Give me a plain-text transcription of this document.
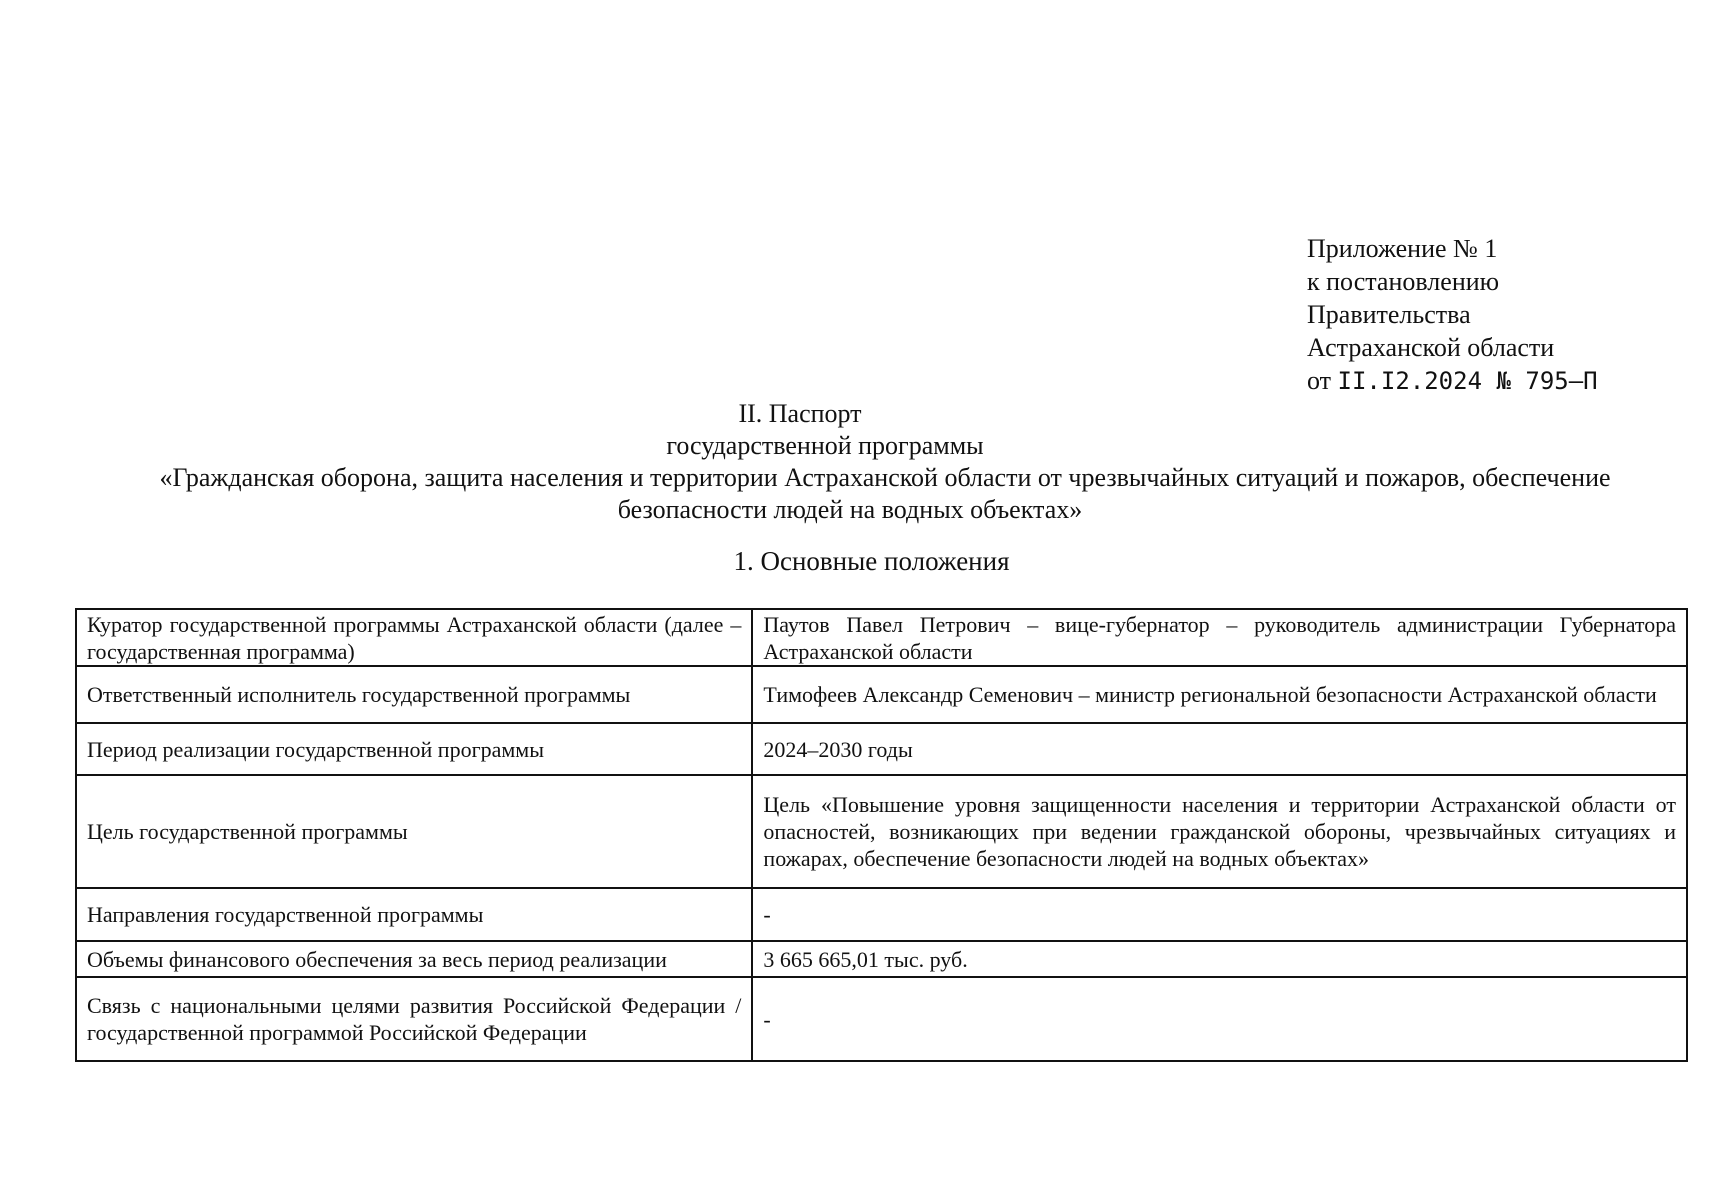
Приложение № 1
к постановлению
Правительства
Астраханской области
от II.I2.2024 № 795–П
II. Паспорт
государственной программы
«Гражданская оборона, защита населения и территории Астраханской области от чрезвычайных ситуаций и пожаров, обеспечение
безопасности людей на водных объектах»
1. Основные положения
Куратор государственной программы Астраханской области (далее – государственная программа)	Паутов Павел Петрович – вице-губернатор – руководитель администрации Губернатора Астраханской области
Ответственный исполнитель государственной программы	Тимофеев Александр Семенович – министр региональной безопасности Астраханской области
Период реализации государственной программы	2024–2030 годы
Цель государственной программы	Цель «Повышение уровня защищенности населения и территории Астраханской области от опасностей, возникающих при ведении гражданской обороны, чрезвычайных ситуациях и пожарах, обеспечение безопасности людей на водных объектах»
Направления государственной программы	-
Объемы финансового обеспечения за весь период реализации	3 665 665,01 тыс. руб.
Связь с национальными целями развития Российской Федерации / государственной программой Российской Федерации	-
